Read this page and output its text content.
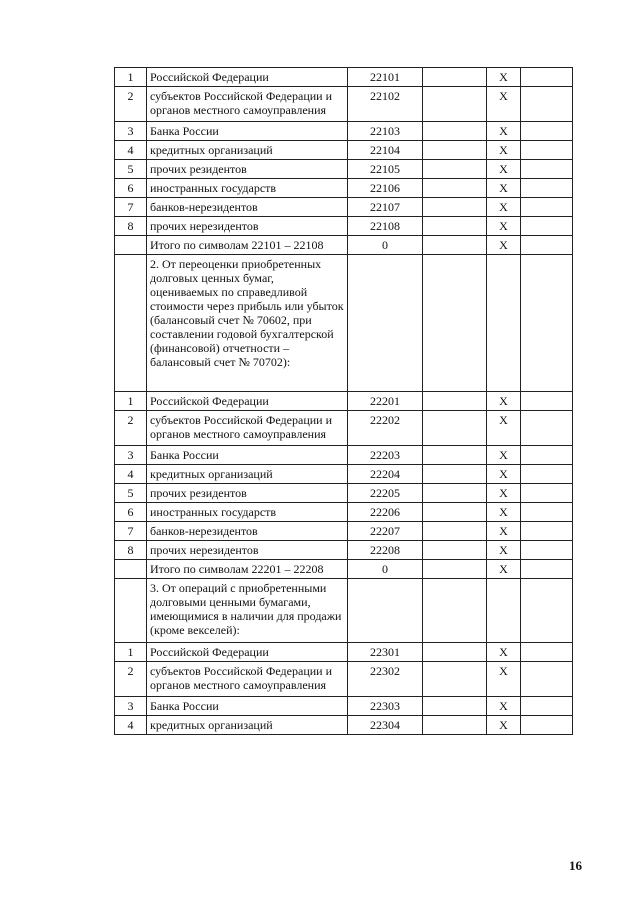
1	Российской Федерации	22101		X	
2	субъектов Российской Федерации и органов местного самоуправления	22102		X	
3	Банка России	22103		X	
4	кредитных организаций	22104		X	
5	прочих резидентов	22105		X	
6	иностранных государств	22106		X	
7	банков-нерезидентов	22107		X	
8	прочих нерезидентов	22108		X	
	Итого по символам 22101 – 22108	0		X	
	2. От переоценки приобретенных долговых ценных бумаг, оцениваемых по справедливой стоимости через прибыль или убыток (балансовый счет № 70602, при составлении годовой бухгалтерской (финансовой) отчетности – балансовый счет № 70702):				
1	Российской Федерации	22201		X	
2	субъектов Российской Федерации и органов местного самоуправления	22202		X	
3	Банка России	22203		X	
4	кредитных организаций	22204		X	
5	прочих резидентов	22205		X	
6	иностранных государств	22206		X	
7	банков-нерезидентов	22207		X	
8	прочих нерезидентов	22208		X	
	Итого по символам 22201 – 22208	0		X	
	3. От операций с приобретенными долговыми ценными бумагами, имеющимися в наличии для продажи (кроме векселей):				
1	Российской Федерации	22301		X	
2	субъектов Российской Федерации и органов местного самоуправления	22302		X	
3	Банка России	22303		X	
4	кредитных организаций	22304		X	
16
